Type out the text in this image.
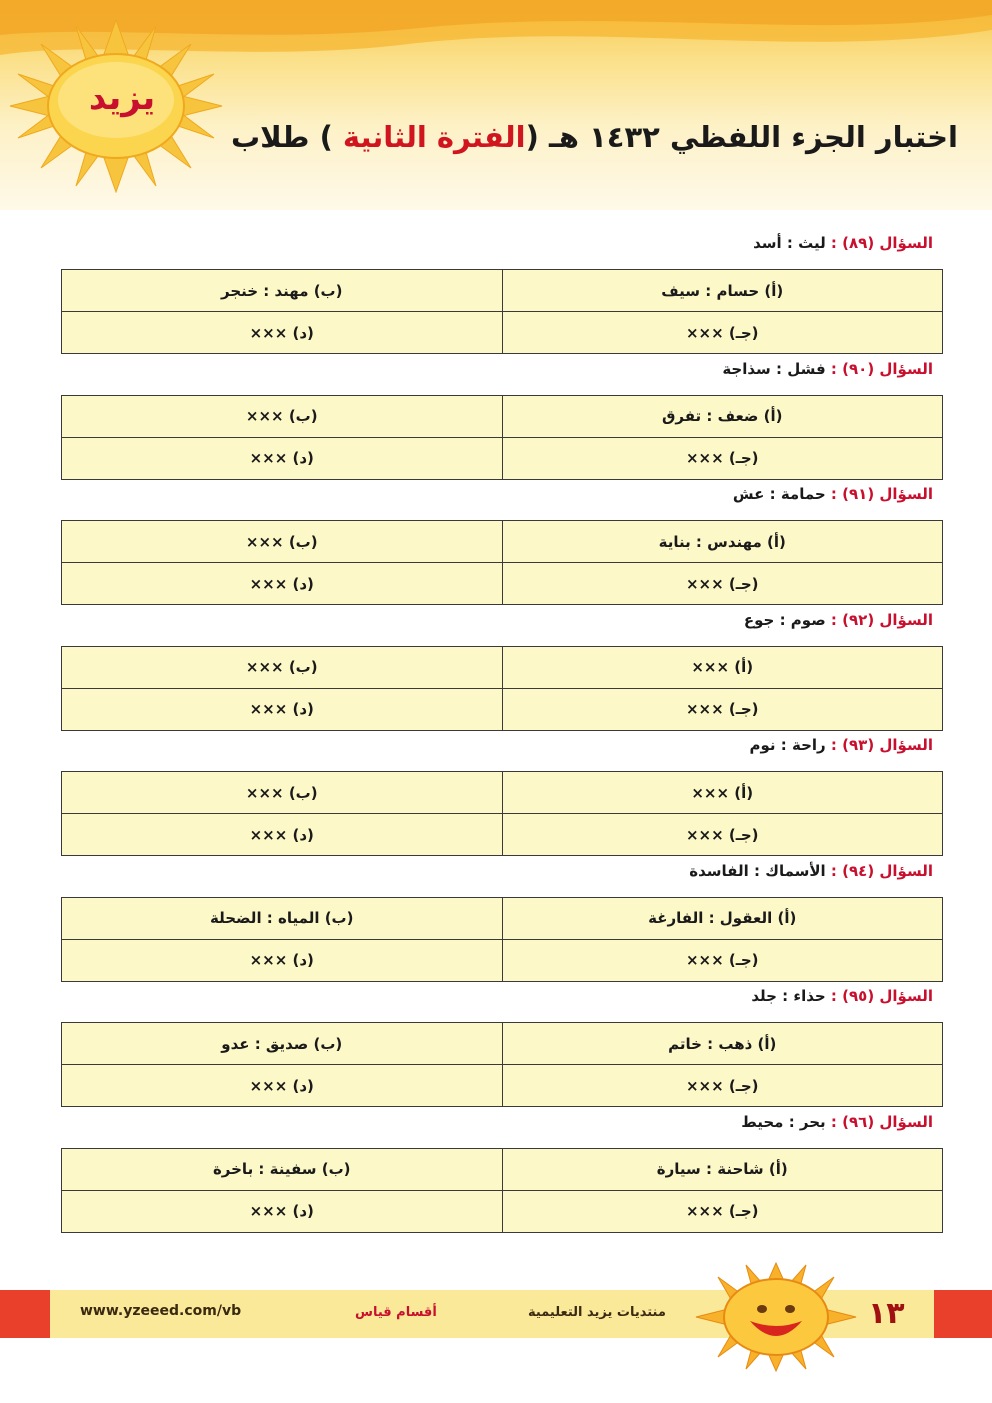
يزيد
اختبار الجزء اللفظي ١٤٣٢ هـ (الفترة الثانية ) طلاب
السؤال (٨٩) : ليث : أسد
(أ) حسام : سيف	(ب) مهند : خنجر
(جـ) ×××	(د) ×××
السؤال (٩٠) : فشل : سذاجة
(أ) ضعف : تفرق	(ب) ×××
(جـ) ×××	(د) ×××
السؤال (٩١) : حمامة : عش
(أ) مهندس : بناية	(ب) ×××
(جـ) ×××	(د) ×××
السؤال (٩٢) : صوم : جوع
(أ) ×××	(ب) ×××
(جـ) ×××	(د) ×××
السؤال (٩٣) : راحة : نوم
(أ) ×××	(ب) ×××
(جـ) ×××	(د) ×××
السؤال (٩٤) : الأسماك : الفاسدة
(أ) العقول : الفارغة	(ب) المياه : الضحلة
(جـ) ×××	(د) ×××
السؤال (٩٥) : حذاء : جلد
(أ) ذهب : خاتم	(ب) صديق : عدو
(جـ) ×××	(د) ×××
السؤال (٩٦) : بحر : محيط
(أ) شاحنة : سيارة	(ب) سفينة : باخرة
(جـ) ×××	(د) ×××
www.yzeeed.com/vb	أقسام قياس	منتديات يزيد التعليمية	١٣
